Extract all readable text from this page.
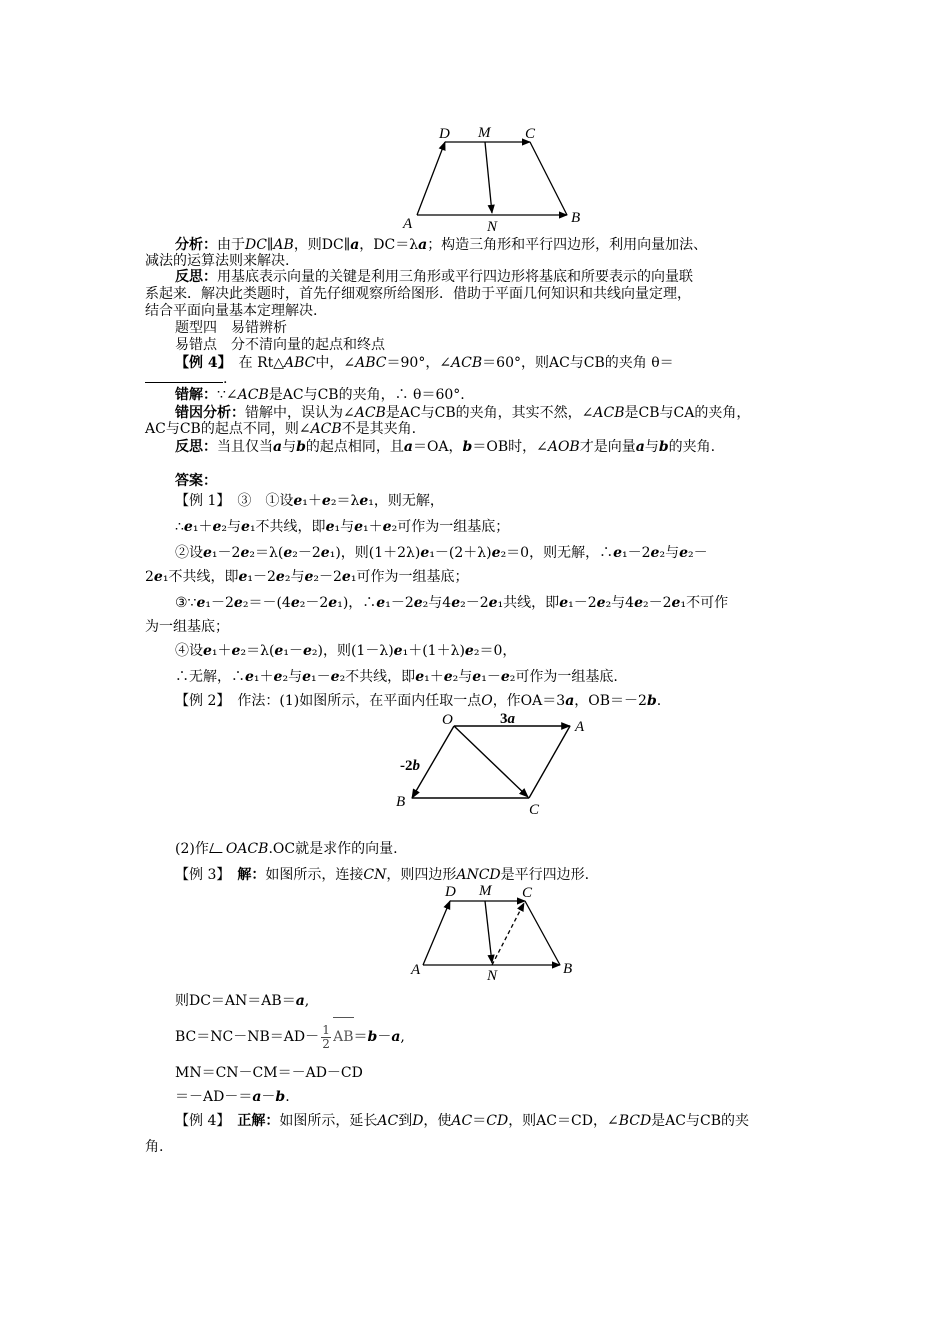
D M C
A	N
B
分析：由于DC∥AB，则DC∥a，DC＝λa；构造三角形和平行四边形，利用向量加法、
减法的运算法则来解决.
反思：用基底表示向量的关键是利用三角形或平行四边形将基底和所要表示的向量联
系起来．解决此类题时，首先仔细观察所给图形．借助于平面几何知识和共线向量定理，
结合平面向量基本定理解决.
题型四　易错辨析
易错点　分不清向量的起点和终点
【例 4】　 在 Rt△ABC中，∠ABC＝90°，∠ACB＝60°，则AC与CB的夹角 θ＝
.
错解：∵∠ACB是AC与CB的夹角，∴ θ＝60°.
错因分析：错解中，误认为∠ACB是AC与CB的夹角，其实不然，∠ACB是CB与CA的夹角，
AC与CB的起点不同，则∠ACB不是其夹角.
反思：当且仅当a与b的起点相同，且a＝OA，b＝OB时，∠AOB才是向量a与b的夹角.
答案：
【例 1】　 ③　①设e₁＋e₂＝λe₁，则无解，
∴e₁＋e₂与e₁不共线，即e₁与e₁＋e₂可作为一组基底；
②设e₁－2e₂＝λ(e₂－2e₁)，则(1＋2λ)e₁－(2＋λ)e₂＝0，则无解，∴e₁－2e₂与e₂－
2e₁不共线，即e₁－2e₂与e₂－2e₁可作为一组基底；
③∵e₁－2e₂＝－(4e₂－2e₁)，∴e₁－2e₂与4e₂－2e₁共线，即e₁－2e₂与4e₂－2e₁不可作
为一组基底；
④设e₁＋e₂＝λ(e₁－e₂)，则(1－λ)e₁＋(1＋λ)e₂＝0，
∴无解，∴e₁＋e₂与e₁－e₂不共线，即e₁＋e₂与e₁－e₂可作为一组基底.
【例 2】　 作法：(1)如图所示，在平面内任取一点O，作OA＝3a，OB＝－2b.
O	A
B	C
3a
-2b
(2)作 OACB.OC就是求作的向量.
【例 3】　 解：如图所示，连接CN，则四边形ANCD是平行四边形.
D M C
A	N	B
则DC＝AN＝AB＝a,
$BC=NC-NB=AD- \frac{1}{2} AB=b-a$,
MN＝CN－CM＝－AD－CD
＝－AD－＝a－b.
【例 4】　 正解：如图所示，延长AC到D，使AC＝CD，则AC＝CD，∠BCD是AC与CB的夹
角.
